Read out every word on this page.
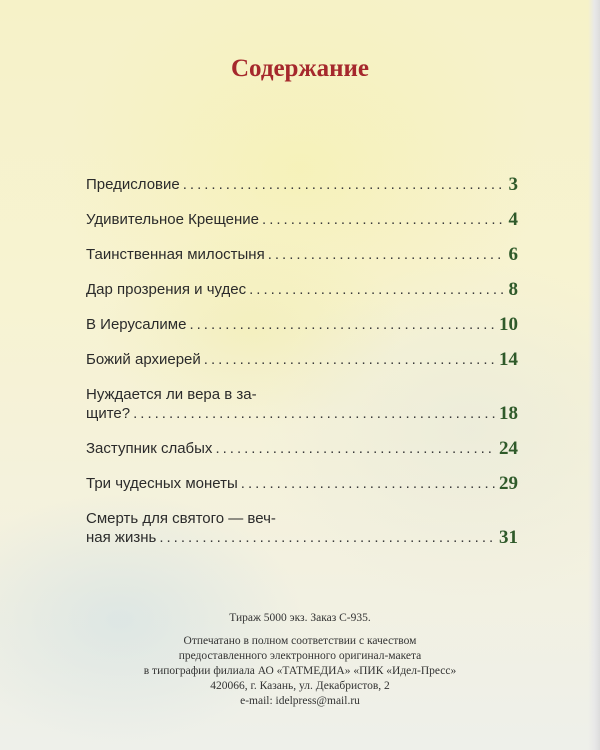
Содержание
Предисловие .....	3
Удивительное Крещение .....	4
Таинственная милостыня .....	6
Дар прозрения и чудес .....	8
В Иерусалиме .....	10
Божий архиерей .....	14
Нуждается ли вера в за-
щите? .....	18
Заступник слабых .....	24
Три чудесных монеты .....	29
Смерть для святого — веч-
ная жизнь .....	31
Тираж 5000 экз. Заказ С-935.
Отпечатано в полном соответствии с качеством
предоставленного электронного оригинал-макета
в типографии филиала АО «ТАТМЕДИА» «ПИК «Идел-Пресс»
420066, г. Казань, ул. Декабристов, 2
e-mail: idelpress@mail.ru
